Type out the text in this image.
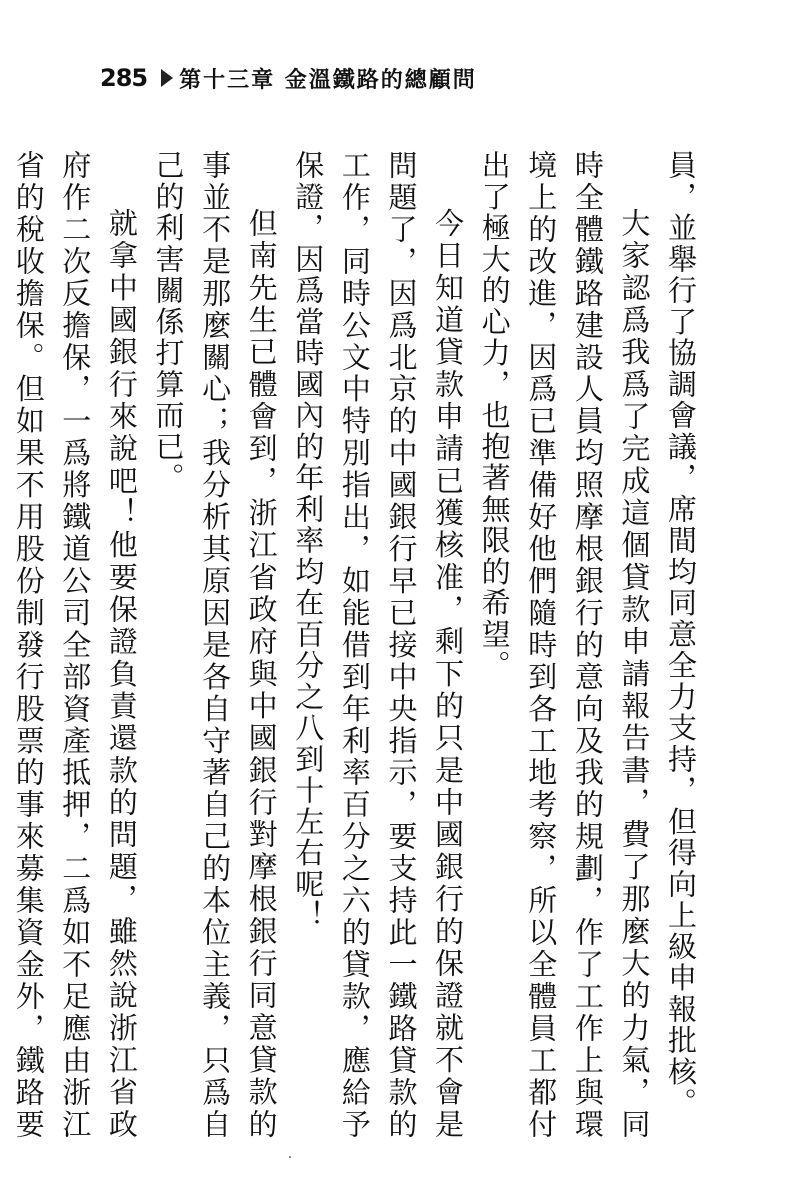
285 第十三章 金溫鐵路的總顧問

員，並舉行了協調會議，席間均同意全力支持，但得向上級申報批核。

大家認爲我爲了完成這個貸款申請報告書，費了那麼大的力氣，同時全體鐵路建設人員均照摩根銀行的意向及我的規劃，作了工作上與環境上的改進，因爲已準備好他們隨時到各工地考察，所以全體員工都付出了極大的心力，也抱著無限的希望。

今日知道貸款申請已獲核准，剩下的只是中國銀行的保證就不會是問題了，因爲北京的中國銀行早已接中央指示，要支持此一鐵路貸款的工作，同時公文中特別指出，如能借到年利率百分之六的貸款，應給予保證，因爲當時國內的年利率均在百分之八到十左右呢！

但南先生已體會到，浙江省政府與中國銀行對摩根銀行同意貸款的事並不是那麼關心；我分析其原因是各自守著自己的本位主義，只爲自己的利害關係打算而已。

就拿中國銀行來說吧！他要保證負責還款的問題，雖然說浙江省政府作二次反擔保，一爲將鐵道公司全部資產抵押，二爲如不足應由浙江省的稅收擔保。但如果不用股份制發行股票的事來募集資金外，鐵路要
